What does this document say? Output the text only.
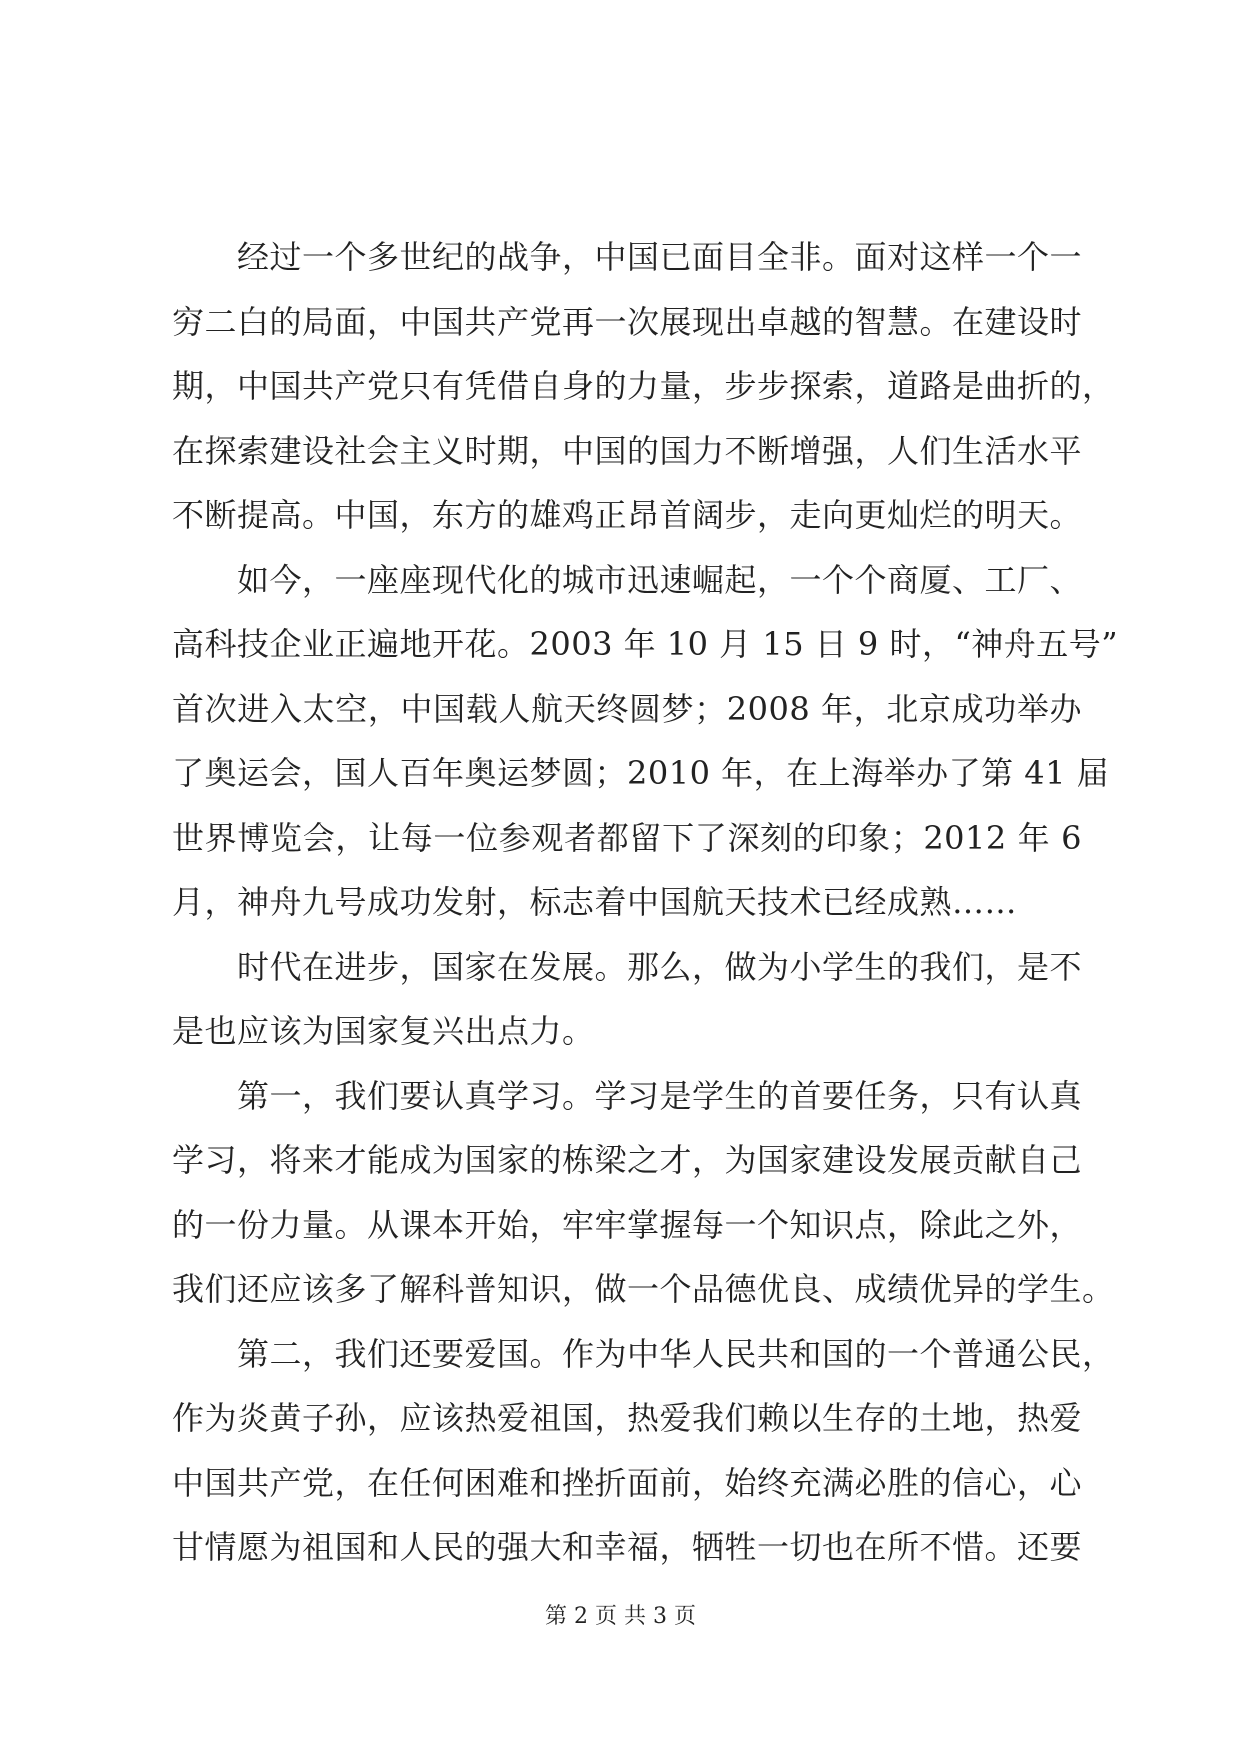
　　经过一个多世纪的战争，中国已面目全非。面对这样一个一
穷二白的局面，中国共产党再一次展现出卓越的智慧。在建设时
期，中国共产党只有凭借自身的力量，步步探索，道路是曲折的，
在探索建设社会主义时期，中国的国力不断增强，人们生活水平
不断提高。中国，东方的雄鸡正昂首阔步，走向更灿烂的明天。
　　如今，一座座现代化的城市迅速崛起，一个个商厦、工厂、
高科技企业正遍地开花。2003 年 10 月 15 日 9 时，“神舟五号”
首次进入太空，中国载人航天终圆梦；2008 年，北京成功举办
了奥运会，国人百年奥运梦圆；2010 年，在上海举办了第 41 届
世界博览会，让每一位参观者都留下了深刻的印象；2012 年 6
月，神舟九号成功发射，标志着中国航天技术已经成熟……
　　时代在进步，国家在发展。那么，做为小学生的我们，是不
是也应该为国家复兴出点力。
　　第一，我们要认真学习。学习是学生的首要任务，只有认真
学习，将来才能成为国家的栋梁之才，为国家建设发展贡献自己
的一份力量。从课本开始，牢牢掌握每一个知识点，除此之外，
我们还应该多了解科普知识，做一个品德优良、成绩优异的学生。
　　第二，我们还要爱国。作为中华人民共和国的一个普通公民，
作为炎黄子孙，应该热爱祖国，热爱我们赖以生存的土地，热爱
中国共产党，在任何困难和挫折面前，始终充满必胜的信心，心
甘情愿为祖国和人民的强大和幸福，牺牲一切也在所不惜。还要
第 2 页 共 3 页
